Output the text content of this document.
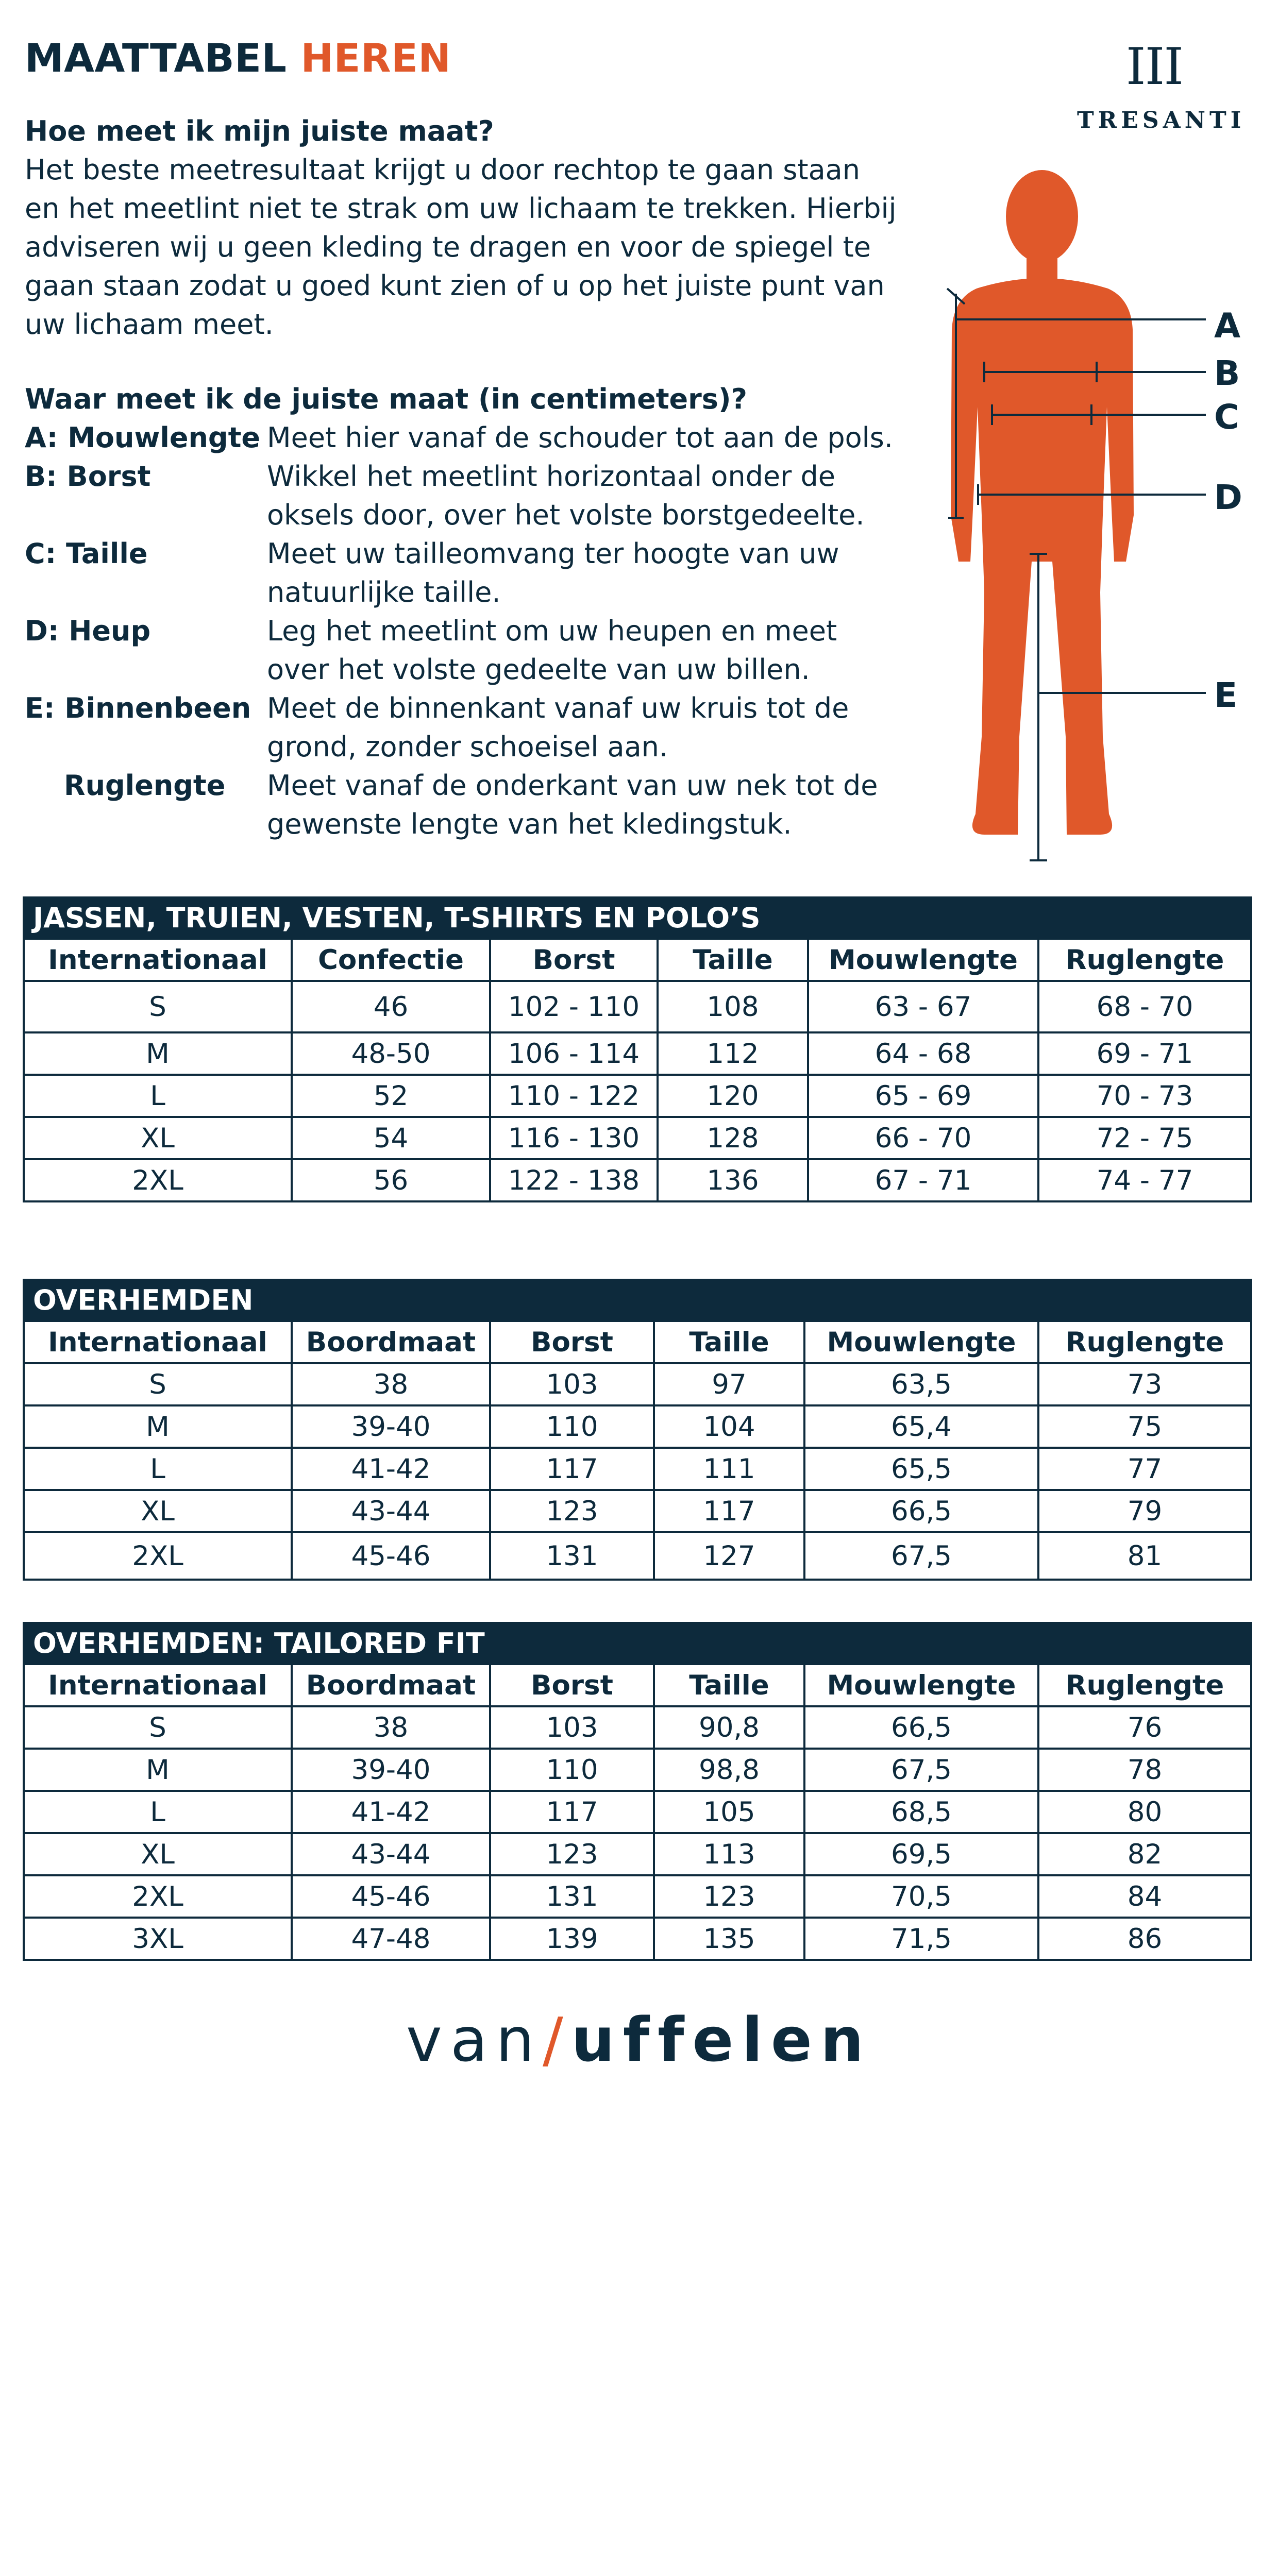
MAATTABEL HEREN	III
TRESANTI
Hoe meet ik mijn juiste maat?
Het beste meetresultaat krijgt u door rechtop te gaan staan
en het meetlint niet te strak om uw lichaam te trekken. Hierbij
adviseren wij u geen kleding te dragen en voor de spiegel te
gaan staan zodat u goed kunt zien of u op het juiste punt van
uw lichaam meet.
Waar meet ik de juiste maat (in centimeters)?
A: Mouwlengte Meet hier vanaf de schouder tot aan de pols.
B: Borst	Wikkel het meetlint horizontaal onder de
oksels door, over het volste borstgedeelte.
C: Taille	Meet uw tailleomvang ter hoogte van uw
natuurlijke taille.
D: Heup	Leg het meetlint om uw heupen en meet
over het volste gedeelte van uw billen.
E: Binnenbeen Meet de binnenkant vanaf uw kruis tot de
grond, zonder schoeisel aan.
Ruglengte	Meet vanaf de onderkant van uw nek tot de
gewenste lengte van het kledingstuk.
A
B
C
D
E
JASSEN, TRUIEN, VESTEN, T-SHIRTS EN POLO’S
Internationaal	Confectie	Borst	Taille	Mouwlengte	Ruglengte
S	46	102 - 110	108	63 - 67	68 - 70
M	48-50	106 - 114	112	64 - 68	69 - 71
L	52	110 - 122	120	65 - 69	70 - 73
XL	54	116 - 130	128	66 - 70	72 - 75
2XL	56	122 - 138	136	67 - 71	74 - 77
OVERHEMDEN
Internationaal	Boordmaat	Borst	Taille	Mouwlengte	Ruglengte
S	38	103	97	63,5	73
M	39-40	110	104	65,4	75
L	41-42	117	111	65,5	77
XL	43-44	123	117	66,5	79
2XL	45-46	131	127	67,5	81
OVERHEMDEN: TAILORED FIT
Internationaal	Boordmaat	Borst	Taille	Mouwlengte	Ruglengte
S	38	103	90,8	66,5	76
M	39-40	110	98,8	67,5	78
L	41-42	117	105	68,5	80
XL	43-44	123	113	69,5	82
2XL	45-46	131	123	70,5	84
3XL	47-48	139	135	71,5	86
van/uffelen
